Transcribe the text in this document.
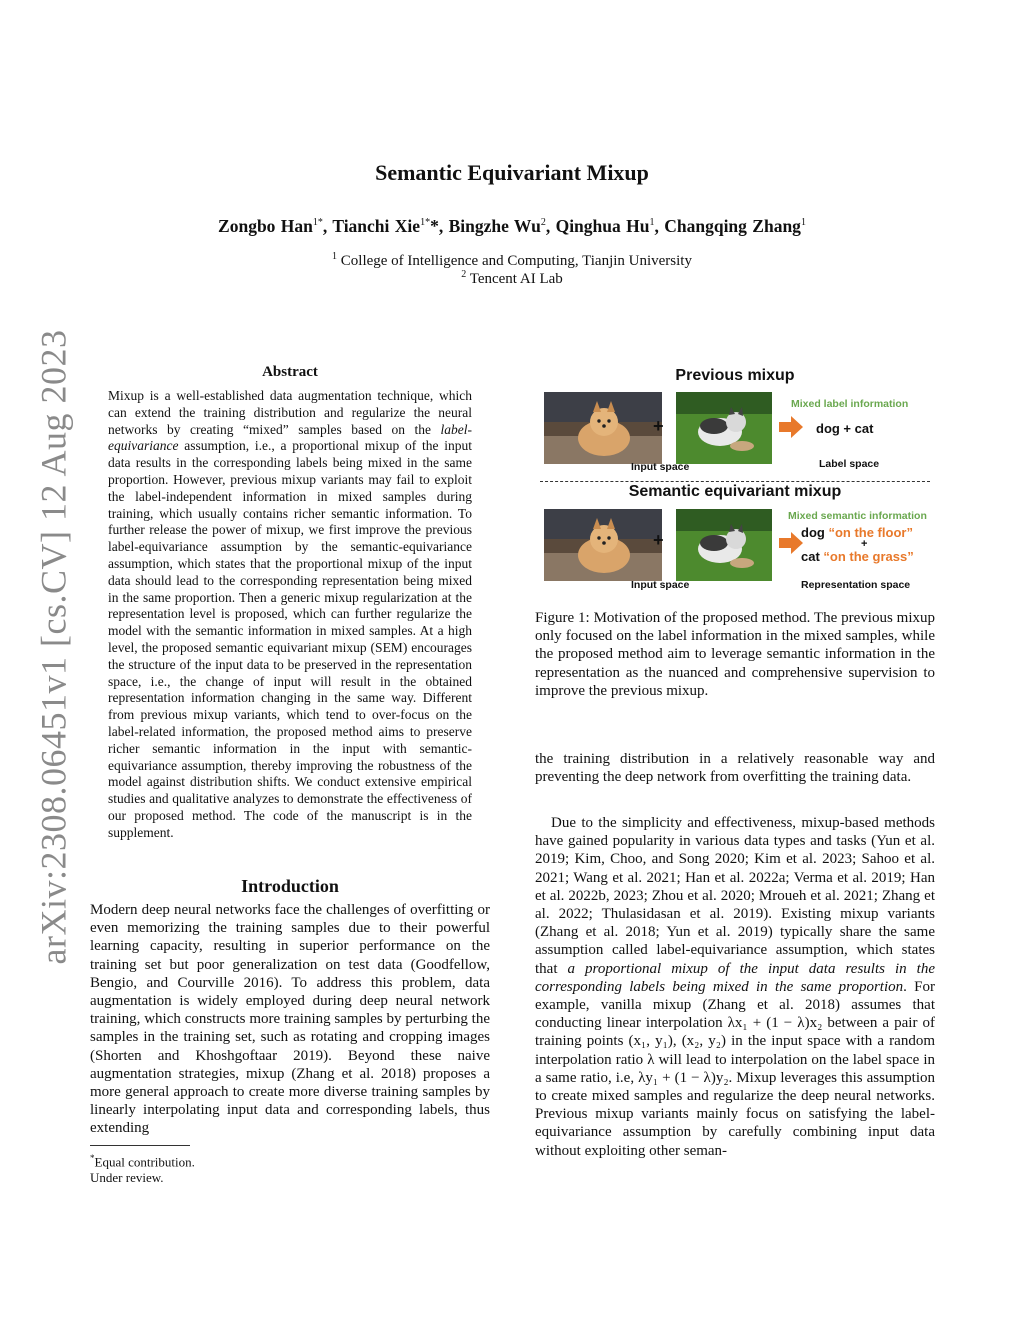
Semantic Equivariant Mixup
Zongbo Han$^{1*}$, Tianchi Xie$^{1*}$*, Bingzhe Wu$^2$, Qinghua Hu$^1$, Changqing Zhang$^1$
$^1$ College of Intelligence and Computing, Tianjin University
$^2$ Tencent AI Lab
arXiv:2308.06451v1 [cs.CV] 12 Aug 2023	Abstract
Mixup is a well-established data augmentation technique, which can extend the training distribution and regularize the neural networks by creating “mixed” samples based on the label-equivariance assumption, i.e., a proportional mixup of the input data results in the corresponding labels being mixed in the same proportion. However, previous mixup variants may fail to exploit the label-independent information in mixed samples during training, which usually contains richer semantic information. To further release the power of mixup, we first improve the previous label-equivariance assumption by the semantic-equivariance assumption, which states that the proportional mixup of the input data should lead to the corresponding representation being mixed in the same proportion. Then a generic mixup regularization at the representation level is proposed, which can further regularize the model with the semantic information in mixed samples. At a high level, the proposed semantic equivariant mixup (SEM) encourages the structure of the input data to be preserved in the representation space, i.e., the change of input will result in the obtained representation information changing in the same way. Different from previous mixup variants, which tend to over-focus on the label-related information, the proposed method aims to preserve richer semantic information in the input with semantic-equivariance assumption, thereby improving the robustness of the model against distribution shifts. We conduct extensive empirical studies and qualitative analyzes to demonstrate the effectiveness of our proposed method. The code of the manuscript is in the supplement.
Introduction
Modern deep neural networks face the challenges of overfitting or even memorizing the training samples due to their powerful learning capacity, resulting in superior performance on the training set but poor generalization on test data (Goodfellow, Bengio, and Courville 2016). To address this problem, data augmentation is widely employed during deep neural network training, which constructs more training samples by perturbing the samples in the training set, such as rotating and cropping images (Shorten and Khoshgoftaar 2019). Beyond these naive augmentation strategies, mixup (Zhang et al. 2018) proposes a more general approach to create more diverse training samples by linearly interpolating input data and corresponding labels, thus extending
*Equal contribution.
Under review.
Previous mixup
+
Mixed label information
dog + cat
Input space	Label space
Semantic equivariant mixup
+
Mixed semantic information
dog “on the floor”
+
cat “on the grass”
Input space	Representation space
Figure 1: Motivation of the proposed method. The previous mixup only focused on the label information in the mixed samples, while the proposed method aim to leverage semantic information in the representation as the nuanced and comprehensive supervision to improve the previous mixup.
the training distribution in a relatively reasonable way and preventing the deep network from overfitting the training data.
Due to the simplicity and effectiveness, mixup-based methods have gained popularity in various data types and tasks (Yun et al. 2019; Kim, Choo, and Song 2020; Kim et al. 2023; Sahoo et al. 2021; Wang et al. 2021; Han et al. 2022a; Verma et al. 2019; Han et al. 2022b, 2023; Zhou et al. 2020; Mroueh et al. 2021; Zhang et al. 2022; Thulasidasan et al. 2019). Existing mixup variants (Zhang et al. 2018; Yun et al. 2019) typically share the same assumption called label-equivariance assumption, which states that a proportional mixup of the input data results in the corresponding labels being mixed in the same proportion. For example, vanilla mixup (Zhang et al. 2018) assumes that conducting linear interpolation λx₁ + (1 − λ)x₂ between a pair of training points (x₁, y₁), (x₂, y₂) in the input space with a random interpolation ratio λ will lead to interpolation on the label space in a same ratio, i.e, λy₁ + (1 − λ)y₂. Mixup leverages this assumption to create mixed samples and regularize the deep neural networks. Previous mixup variants mainly focus on satisfying the label-equivariance assumption by carefully combining input data without exploiting other seman-
